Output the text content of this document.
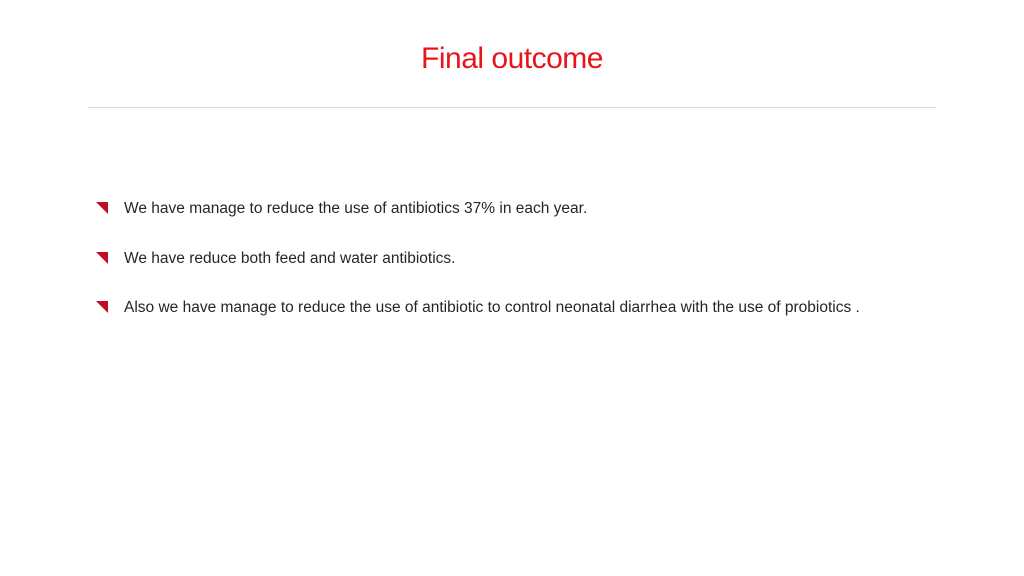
Final outcome
We have manage to reduce the use of antibiotics 37% in each year.
We have reduce both feed and water antibiotics.
Also we have manage to reduce the use of antibiotic to control neonatal diarrhea with the use of probiotics .
